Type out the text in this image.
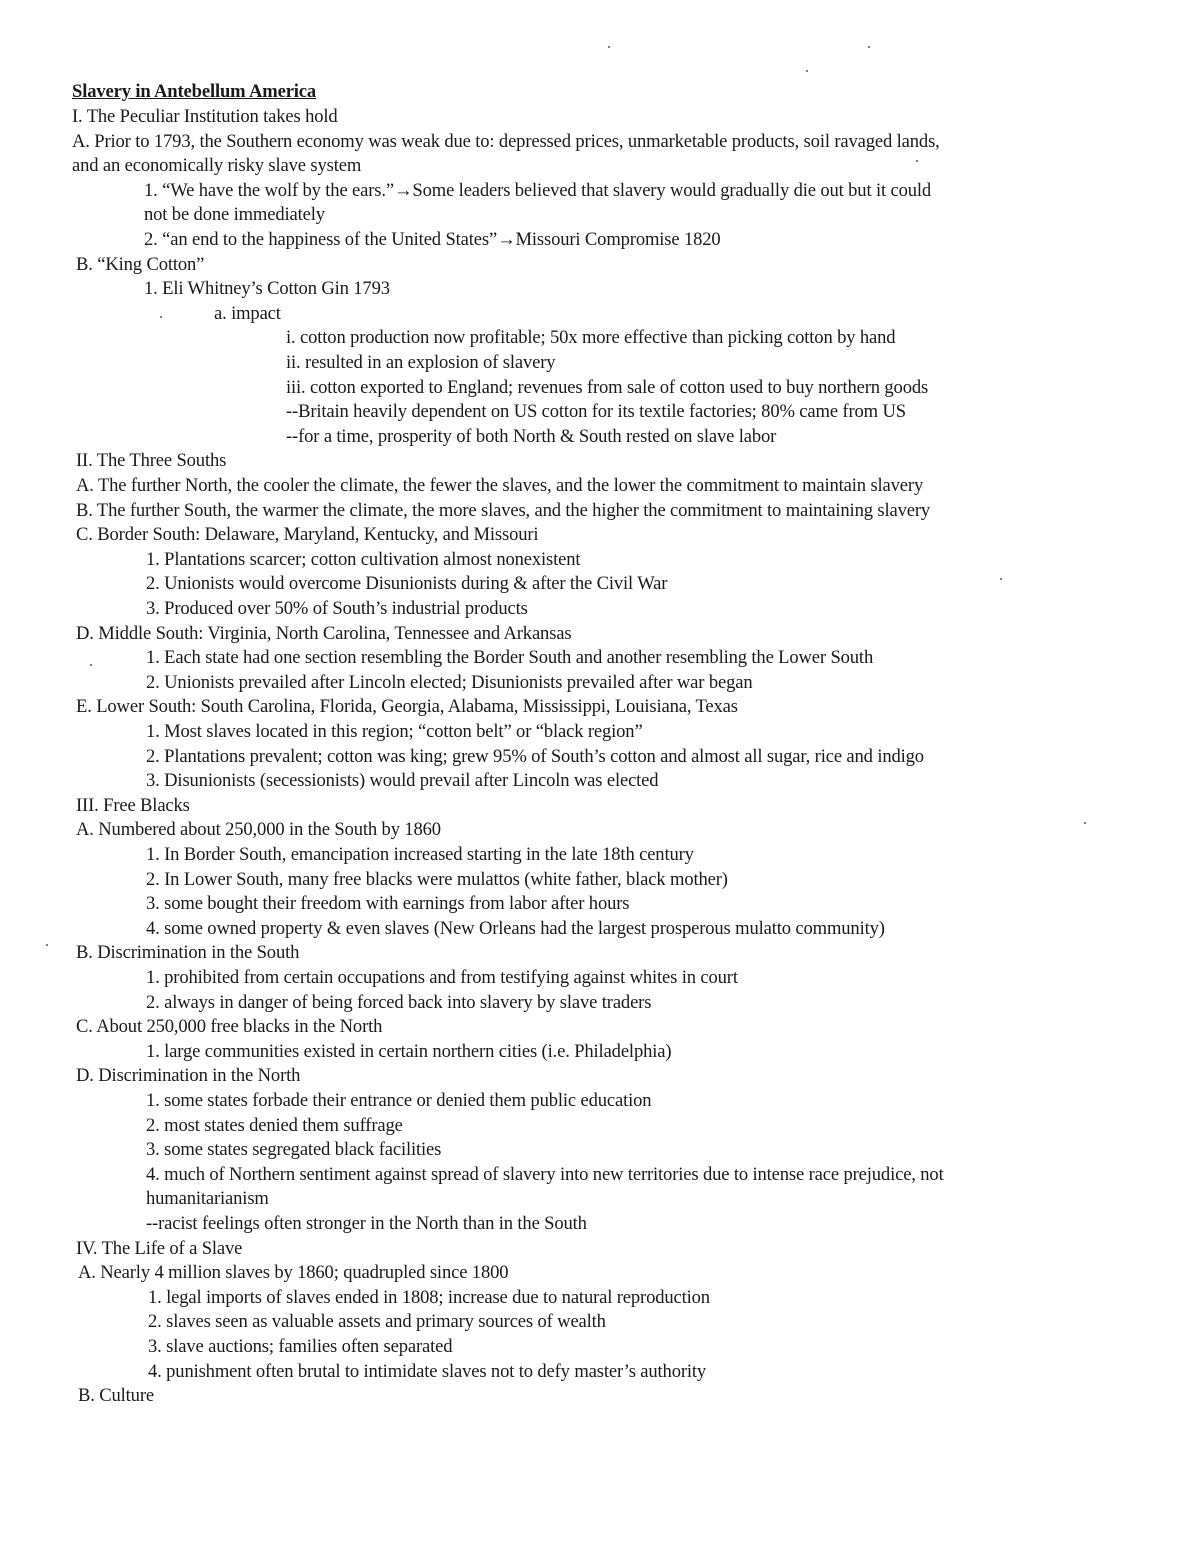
Slavery in Antebellum America
I. The Peculiar Institution takes hold
A. Prior to 1793, the Southern economy was weak due to: depressed prices, unmarketable products, soil ravaged lands,
and an economically risky slave system
1. “We have the wolf by the ears.”→Some leaders believed that slavery would gradually die out but it could
not be done immediately
2. “an end to the happiness of the United States”→Missouri Compromise 1820
B. “King Cotton”
1. Eli Whitney’s Cotton Gin 1793
a. impact
i. cotton production now profitable; 50x more effective than picking cotton by hand
ii. resulted in an explosion of slavery
iii. cotton exported to England; revenues from sale of cotton used to buy northern goods
--Britain heavily dependent on US cotton for its textile factories; 80% came from US
--for a time, prosperity of both North & South rested on slave labor
II. The Three Souths
A. The further North, the cooler the climate, the fewer the slaves, and the lower the commitment to maintain slavery
B. The further South, the warmer the climate, the more slaves, and the higher the commitment to maintaining slavery
C. Border South: Delaware, Maryland, Kentucky, and Missouri
1. Plantations scarcer; cotton cultivation almost nonexistent
2. Unionists would overcome Disunionists during & after the Civil War
3. Produced over 50% of South’s industrial products
D. Middle South: Virginia, North Carolina, Tennessee and Arkansas
1. Each state had one section resembling the Border South and another resembling the Lower South
2. Unionists prevailed after Lincoln elected; Disunionists prevailed after war began
E. Lower South: South Carolina, Florida, Georgia, Alabama, Mississippi, Louisiana, Texas
1. Most slaves located in this region; “cotton belt” or “black region”
2. Plantations prevalent; cotton was king; grew 95% of South’s cotton and almost all sugar, rice and indigo
3. Disunionists (secessionists) would prevail after Lincoln was elected
III. Free Blacks
A. Numbered about 250,000 in the South by 1860
1. In Border South, emancipation increased starting in the late 18th century
2. In Lower South, many free blacks were mulattos (white father, black mother)
3. some bought their freedom with earnings from labor after hours
4. some owned property & even slaves (New Orleans had the largest prosperous mulatto community)
B. Discrimination in the South
1. prohibited from certain occupations and from testifying against whites in court
2. always in danger of being forced back into slavery by slave traders
C. About 250,000 free blacks in the North
1. large communities existed in certain northern cities (i.e. Philadelphia)
D. Discrimination in the North
1. some states forbade their entrance or denied them public education
2. most states denied them suffrage
3. some states segregated black facilities
4. much of Northern sentiment against spread of slavery into new territories due to intense race prejudice, not
humanitarianism
--racist feelings often stronger in the North than in the South
IV. The Life of a Slave
A. Nearly 4 million slaves by 1860; quadrupled since 1800
1. legal imports of slaves ended in 1808; increase due to natural reproduction
2. slaves seen as valuable assets and primary sources of wealth
3. slave auctions; families often separated
4. punishment often brutal to intimidate slaves not to defy master’s authority
B. Culture
